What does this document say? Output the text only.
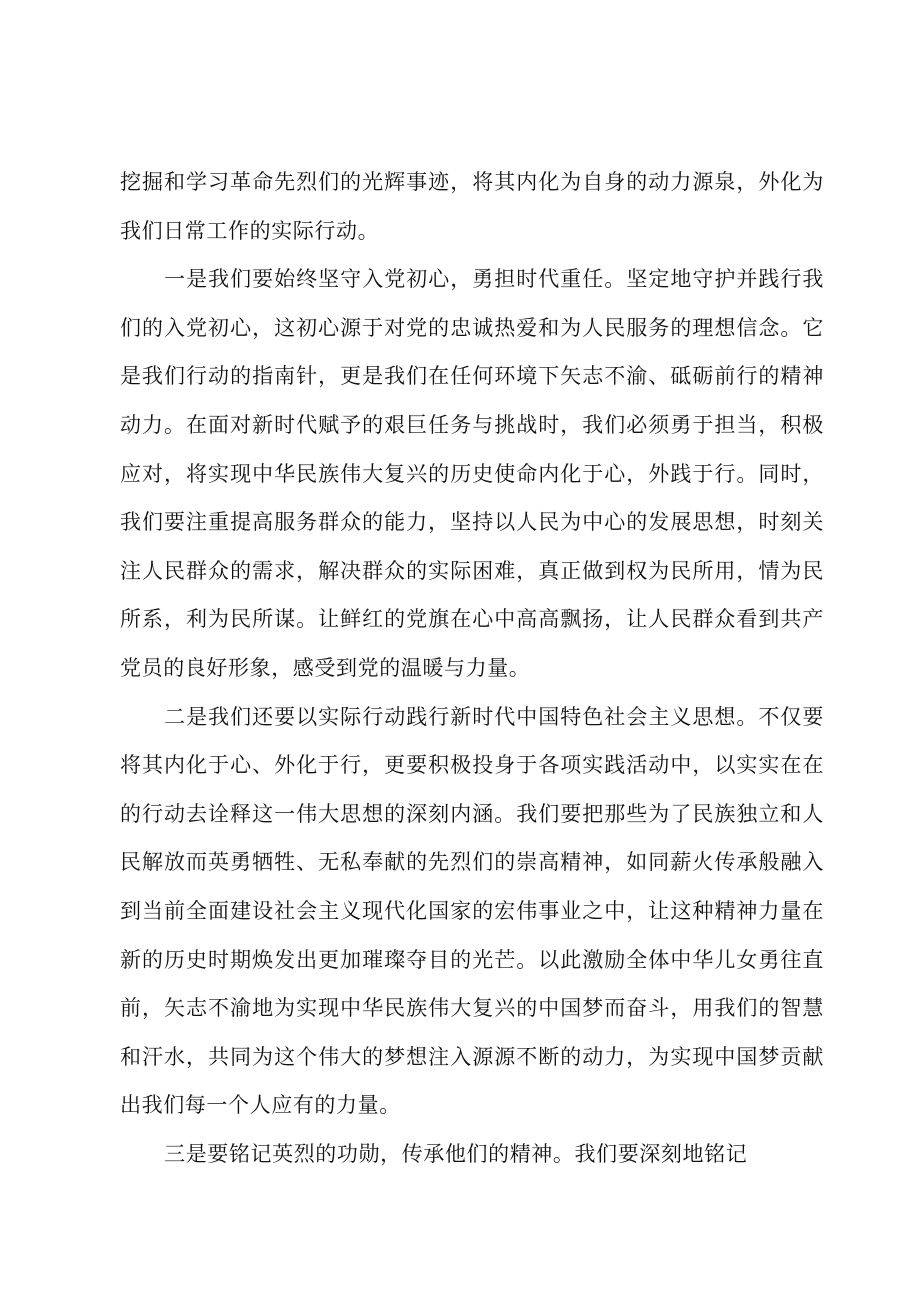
挖掘和学习革命先烈们的光辉事迹，将其内化为自身的动力源泉，外化为我们日常工作的实际行动。

一是我们要始终坚守入党初心，勇担时代重任。坚定地守护并践行我们的入党初心，这初心源于对党的忠诚热爱和为人民服务的理想信念。它是我们行动的指南针，更是我们在任何环境下矢志不渝、砥砺前行的精神动力。在面对新时代赋予的艰巨任务与挑战时，我们必须勇于担当，积极应对，将实现中华民族伟大复兴的历史使命内化于心，外践于行。同时，我们要注重提高服务群众的能力，坚持以人民为中心的发展思想，时刻关注人民群众的需求，解决群众的实际困难，真正做到权为民所用，情为民所系，利为民所谋。让鲜红的党旗在心中高高飘扬，让人民群众看到共产党员的良好形象，感受到党的温暖与力量。

二是我们还要以实际行动践行新时代中国特色社会主义思想。不仅要将其内化于心、外化于行，更要积极投身于各项实践活动中，以实实在在的行动去诠释这一伟大思想的深刻内涵。我们要把那些为了民族独立和人民解放而英勇牺牲、无私奉献的先烈们的崇高精神，如同薪火传承般融入到当前全面建设社会主义现代化国家的宏伟事业之中，让这种精神力量在新的历史时期焕发出更加璀璨夺目的光芒。以此激励全体中华儿女勇往直前，矢志不渝地为实现中华民族伟大复兴的中国梦而奋斗，用我们的智慧和汗水，共同为这个伟大的梦想注入源源不断的动力，为实现中国梦贡献出我们每一个人应有的力量。

三是要铭记英烈的功勋，传承他们的精神。我们要深刻地铭记
